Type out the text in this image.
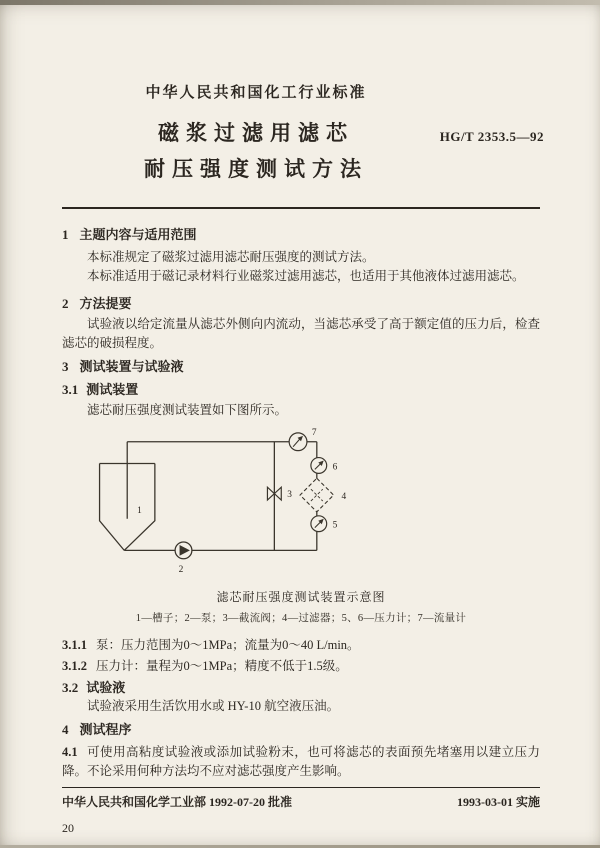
中华人民共和国化工行业标准
磁浆过滤用滤芯
耐压强度测试方法
HG/T 2353.5—92
1 主题内容与适用范围

本标准规定了磁浆过滤用滤芯耐压强度的测试方法。

本标准适用于磁记录材料行业磁浆过滤用滤芯，也适用于其他液体过滤用滤芯。

2 方法提要

试验液以给定流量从滤芯外侧向内流动，当滤芯承受了高于额定值的压力后，检查滤芯的破损程度。

3 测试装置与试验液
3.1 测试装置

滤芯耐压强度测试装置如下图所示。

1
2
3	4
5
6
7
滤芯耐压强度测试装置示意图
1—槽子；2—泵；3—截流阀；4—过滤器；5、6—压力计；7—流量计

3.1.1 泵：压力范围为0～1MPa；流量为0～40 L/min。

3.1.2 压力计：量程为0～1MPa；精度不低于1.5级。

3.2 试验液

试验液采用生活饮用水或 HY-10 航空液压油。

4 测试程序

4.1 可使用高粘度试验液或添加试验粉末，也可将滤芯的表面预先堵塞用以建立压力降。不论采用何种方法均不应对滤芯强度产生影响。

中华人民共和国化学工业部 1992-07-20 批准	1993-03-01 实施
20
